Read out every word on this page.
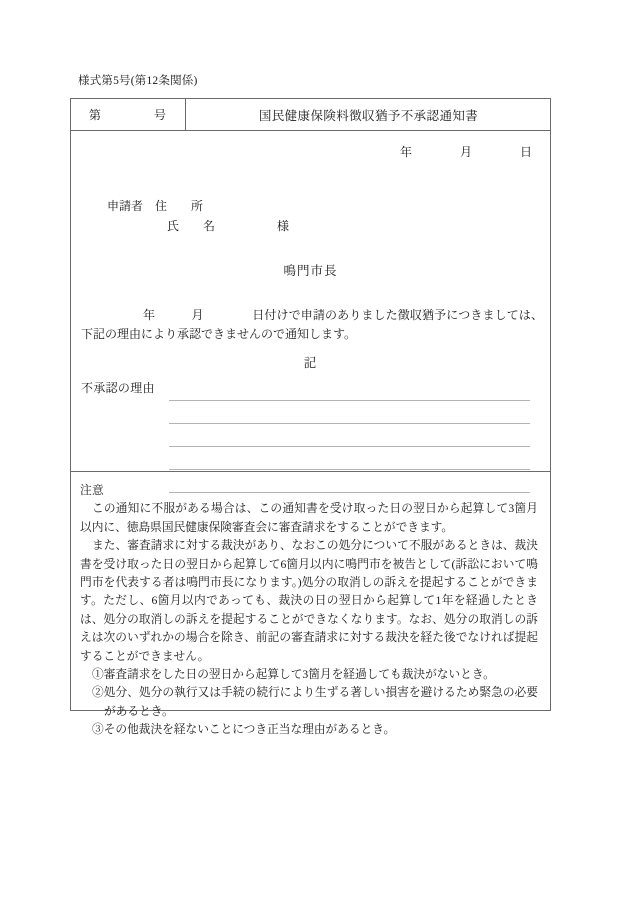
様式第5号(第12条関係)
第　　　　号	国民健康保険料徴収猶予不承認通知書
年　　　　月　　　　日
申請者　 住　　所
　　　　　氏　　名	様
鳴門市長
年　　　月　　　　日付けで申請のありました徴収猶予につきましては、下記の理由により承認できませんので通知します。
記
不承認の理由
注意

この通知に不服がある場合は、この通知書を受け取った日の翌日から起算して3箇月以内に、徳島県国民健康保険審査会に審査請求をすることができます。

また、審査請求に対する裁決があり、なおこの処分について不服があるときは、裁決書を受け取った日の翌日から起算して6箇月以内に鳴門市を被告として(訴訟において鳴門市を代表する者は鳴門市長になります。)処分の取消しの訴えを提起することができます。ただし、6箇月以内であっても、裁決の日の翌日から起算して1年を経過したときは、処分の取消しの訴えを提起することができなくなります。なお、処分の取消しの訴えは次のいずれかの場合を除き、前記の審査請求に対する裁決を経た後でなければ提起することができません。

①審査請求をした日の翌日から起算して3箇月を経過しても裁決がないとき。
②処分、処分の執行又は手続の続行により生ずる著しい損害を避けるため緊急の必要があるとき。
③その他裁決を経ないことにつき正当な理由があるとき。
